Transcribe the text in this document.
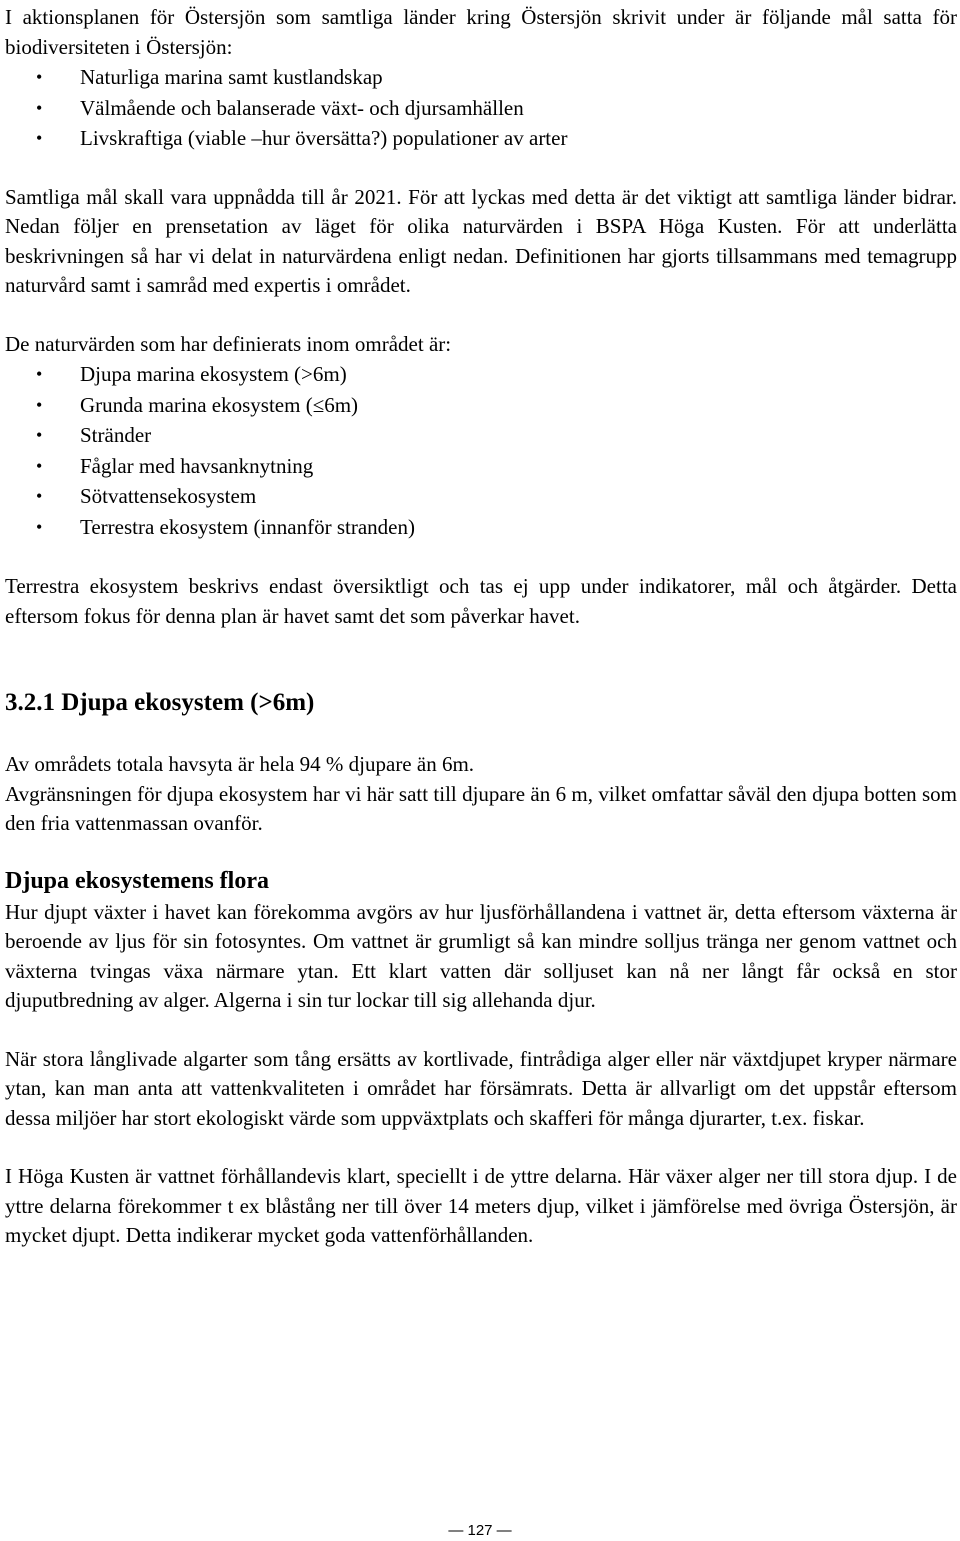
I aktionsplanen för Östersjön som samtliga länder kring Östersjön skrivit under är följande mål satta för biodiversiteten i Östersjön:

• Naturliga marina samt kustlandskap
• Välmående och balanserade växt- och djursamhällen
• Livskraftiga (viable –hur översätta?) populationer av arter

Samtliga mål skall vara uppnådda till år 2021. För att lyckas med detta är det viktigt att samtliga länder bidrar. Nedan följer en prensetation av läget för olika naturvärden i BSPA Höga Kusten. För att underlätta beskrivningen så har vi delat in naturvärdena enligt nedan. Definitionen har gjorts tillsammans med temagrupp naturvård samt i samråd med expertis i området.

De naturvärden som har definierats inom området är:

• Djupa marina ekosystem (>6m)
• Grunda marina ekosystem (≤6m)
• Stränder
• Fåglar med havsanknytning
• Sötvattensekosystem
• Terrestra ekosystem (innanför stranden)

Terrestra ekosystem beskrivs endast översiktligt och tas ej upp under indikatorer, mål och åtgärder. Detta eftersom fokus för denna plan är havet samt det som påverkar havet.

3.2.1 Djupa ekosystem (>6m)

Av områdets totala havsyta är hela 94 % djupare än 6m.

Avgränsningen för djupa ekosystem har vi här satt till djupare än 6 m, vilket omfattar såväl den djupa botten som den fria vattenmassan ovanför.

Djupa ekosystemens flora

Hur djupt växter i havet kan förekomma avgörs av hur ljusförhållandena i vattnet är, detta eftersom växterna är beroende av ljus för sin fotosyntes. Om vattnet är grumligt så kan mindre solljus tränga ner genom vattnet och växterna tvingas växa närmare ytan. Ett klart vatten där solljuset kan nå ner långt får också en stor djuputbredning av alger. Algerna i sin tur lockar till sig allehanda djur.

När stora långlivade algarter som tång ersätts av kortlivade, fintrådiga alger eller när växtdjupet kryper närmare ytan, kan man anta att vattenkvaliteten i området har försämrats. Detta är allvarligt om det uppstår eftersom dessa miljöer har stort ekologiskt värde som uppväxtplats och skafferi för många djurarter, t.ex. fiskar.

I Höga Kusten är vattnet förhållandevis klart, speciellt i de yttre delarna. Här växer alger ner till stora djup. I de yttre delarna förekommer t ex blåstång ner till över 14 meters djup, vilket i jämförelse med övriga Östersjön, är mycket djupt. Detta indikerar mycket goda vattenförhållanden.

— 127 —
